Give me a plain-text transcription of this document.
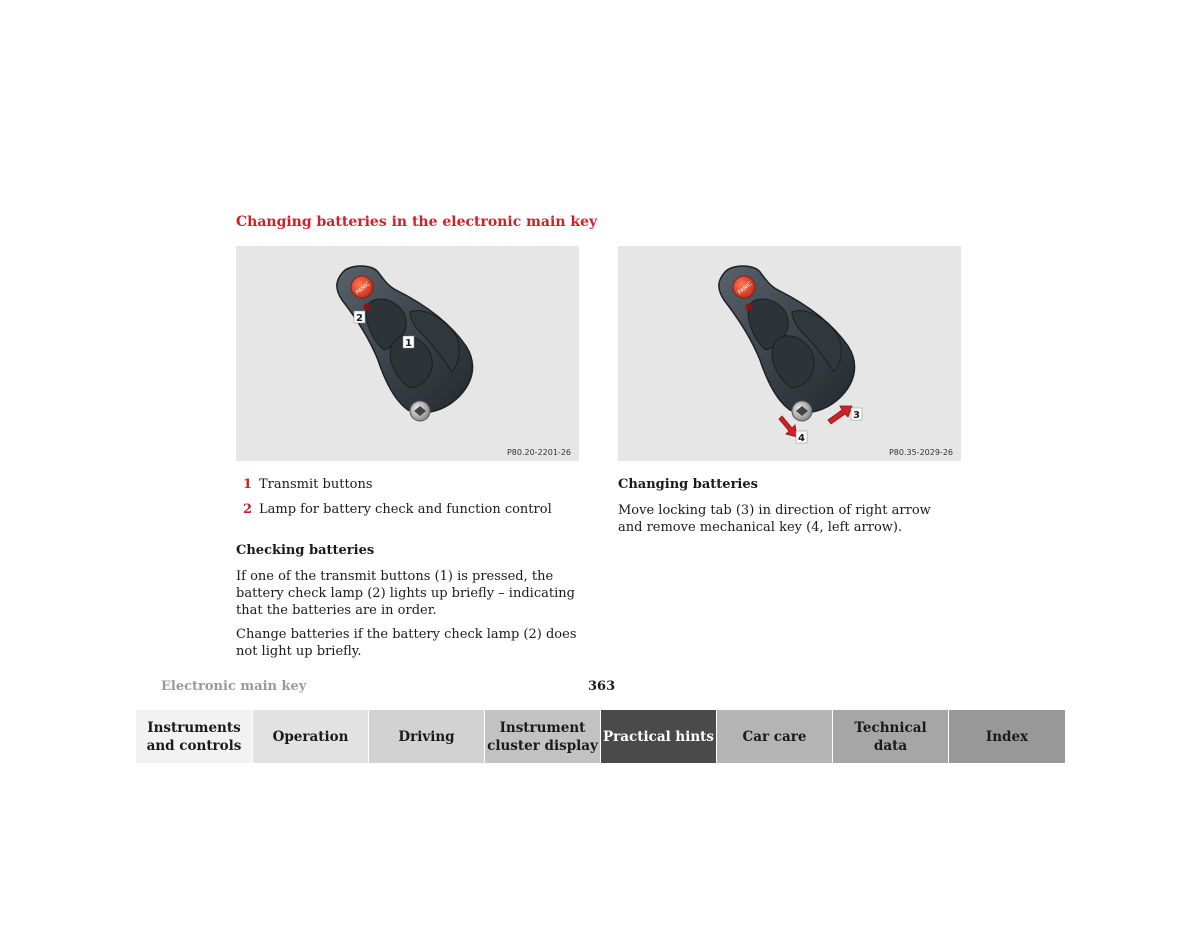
Changing batteries in the electronic main key
PANIC
2
1
P80.20-2201-26
PANIC
3
4
P80.35-2029-26
1 Transmit buttons
2 Lamp for battery check and function control
Checking batteries
If one of the transmit buttons (1) is pressed, the battery check lamp (2) lights up briefly – indicating that the batteries are in order.
Change batteries if the battery check lamp (2) does not light up briefly.
Changing batteries
Move locking tab (3) in direction of right arrow and remove mechanical key (4, left arrow).
Electronic main key	363
Instruments
and controls
Operation	Driving
Instrument
cluster display
Practical hints Car care
Technical
data
Index
